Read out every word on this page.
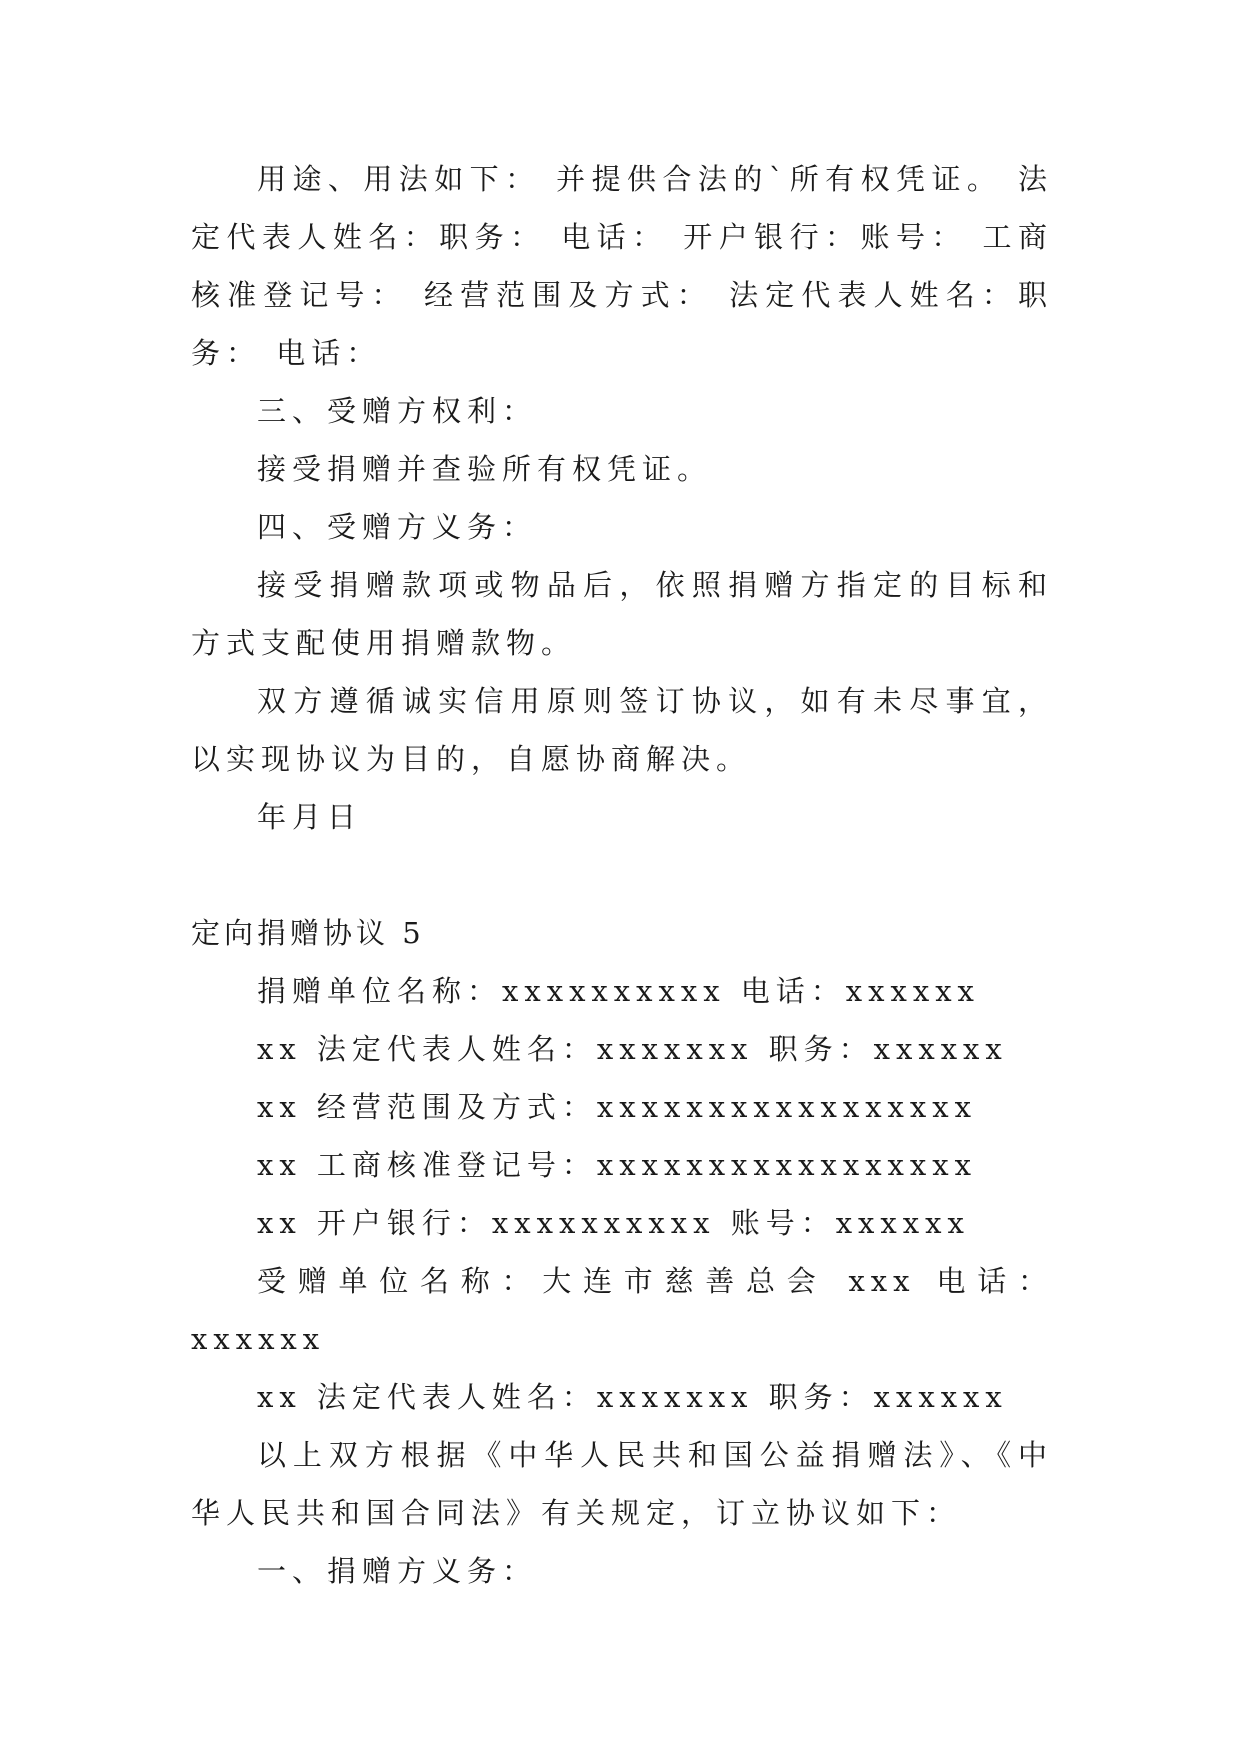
用途、用法如下： 并提供合法的`所有权凭证。 法定代表人姓名：职务： 电话： 开户银行：账号： 工商核准登记号： 经营范围及方式： 法定代表人姓名：职务： 电话：

三、受赠方权利：

接受捐赠并查验所有权凭证。

四、受赠方义务：

接受捐赠款项或物品后，依照捐赠方指定的目标和方式支配使用捐赠款物。

双方遵循诚实信用原则签订协议，如有未尽事宜，以实现协议为目的，自愿协商解决。

年月日

定向捐赠协议 5

捐赠单位名称：xxxxxxxxxx 电话：xxxxxx

xx 法定代表人姓名：xxxxxxx 职务：xxxxxx

xx 经营范围及方式：xxxxxxxxxxxxxxxxx

xx 工商核准登记号：xxxxxxxxxxxxxxxxx

xx 开户银行：xxxxxxxxxx 账号：xxxxxx

受赠单位名称：大连市慈善总会 xxx 电话：xxxxxx

xx 法定代表人姓名：xxxxxxx 职务：xxxxxx

以上双方根据《中华人民共和国公益捐赠法》、《中华人民共和国合同法》有关规定，订立协议如下：

一、捐赠方义务：
